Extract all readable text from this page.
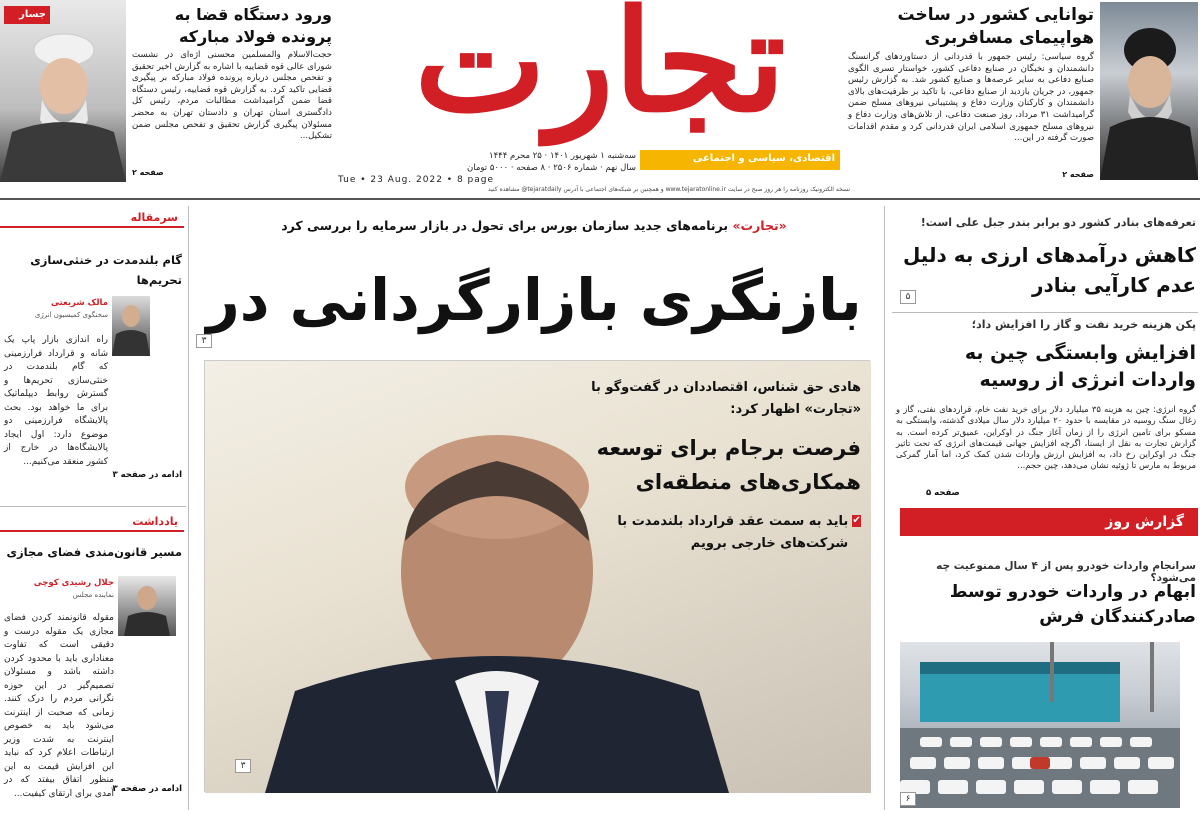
توانایی کشور در ساخت هواپیمای مسافربری
گروه سیاسی: رئیس جمهور با قدردانی از دستاوردهای گرانسنگ دانشمندان و نخبگان در صنایع دفاعی کشور، خواستار تسری الگوی صنایع دفاعی به سایر عرصه‌ها و صنایع کشور شد. به گزارش رئیس جمهور، در جریان بازدید از صنایع دفاعی، با تاکید بر ظرفیت‌های بالای دانشمندان و کارکنان وزارت دفاع و پشتیبانی نیروهای مسلح ضمن گرامیداشت ۳۱ مرداد، روز صنعت دفاعی، از تلاش‌های وزارت دفاع و نیروهای مسلح جمهوری اسلامی ایران قدردانی کرد و مقدم اقدامات صورت گرفته در این...
صفحه ۲
تجارت
اقتصادی، سیاسی و اجتماعی
سه‌شنبه ۱ شهریور ۱۴۰۱ · ۲۵ محرم ۱۴۴۴
سال نهم · شماره ۲۵۰۶ · ۸ صفحه · ۵۰۰۰ تومان
Tue • 23 Aug. 2022 • 8 page
نسخه الکترونیک روزنامه را هر روز صبح در سایت www.tejaratonline.ir و همچنین بر شبکه‌های اجتماعی با آدرس tejaratdaily@ مشاهده کنید
جسار	ورود دستگاه قضا به پرونده فولاد مبارکه
حجت‌الاسلام والمسلمین محسنی اژه‌ای در نشست شورای عالی قوه قضاییه با اشاره به گزارش اخیر تحقیق و تفحص مجلس درباره پرونده فولاد مبارکه بر پیگیری قضایی تاکید کرد. به گزارش قوه قضاییه، رئیس دستگاه قضا ضمن گرامیداشت مطالبات مردم، رئیس کل دادگستری استان تهران و دادستان تهران به محضر مسئولان پیگیری گزارش تحقیق و تفحص مجلس ضمن تشکیل...
صفحه ۲
سرمقاله
گام بلندمدت در خنثی‌سازی تحریم‌ها
مالک شریعتی
سخنگوی کمیسیون انرژی
راه اندازی بازار پاپ یک شانه و قرارداد فرارزمینی که گام بلندمدت در خنثی‌سازی تحریم‌ها و گسترش روابط دیپلماتیک برای ما خواهد بود. بحث پالایشگاه فرارزمینی دو موضوع دارد: اول ایجاد پالایشگاه‌ها در خارج از کشور منعقد می‌کنیم...
ادامه در صفحه ۳
یادداشت
مسیر قانون‌مندی فضای مجازی
جلال رشیدی کوچی
نماینده مجلس
مقوله قانونمند کردن فضای مجازی یک مقوله درست و دقیقی است که تفاوت معناداری باید با محدود کردن داشته باشد و مسئولان تصمیم‌گیر در این حوزه نگرانی مردم را درک کنند. زمانی که صحبت از اینترنت می‌شود باید به خصوص اینترنت به شدت وزیر ارتباطات اعلام کرد که نباید این افزایش قیمت به این منظور اتفاق بیفتد که در آمدی برای ارتقای کیفیت...
ادامه در صفحه ۳
«تجارت» برنامه‌های جدید سازمان بورس برای تحول در بازار سرمایه را بررسی کرد
بازنگری بازارگردانی در
۳
هادی حق شناس، اقتصاددان در گفت‌وگو با «تجارت» اظهار کرد:
فرصت برجام برای توسعه همکاری‌های منطقه‌ای
✔
باید به سمت عقد قرارداد بلندمدت با شرکت‌های خارجی برویم
۳
تعرفه‌های بنادر کشور دو برابر بندر جبل علی است!
کاهش درآمدهای ارزی به دلیل عدم کارآیی بنادر
۵
پکن هزینه خرید نفت و گاز را افزایش داد؛
افزایش وابستگی چین به واردات انرژی از روسیه
گروه انرژی: چین به هزینه ۳۵ میلیارد دلار برای خرید نفت خام، قراردهای نفتی، گاز و زغال سنگ روسیه در مقایسه با حدود ۲۰ میلیارد دلار سال میلادی گذشته، وابستگی به مسکو برای تامین انرژی را از زمان آغاز جنگ در اوکراین، عمیق‌تر کرده است. به گزارش تجارت به نقل از ایسنا، اگرچه افزایش جهانی قیمت‌های انرژی که تحت تاثیر جنگ در اوکراین رخ داد، به افزایش ارزش واردات شدن کمک کرد، اما آمار گمرکی مربوط به مارس تا ژوئیه نشان می‌دهد، چین حجم...
صفحه ۵
گزارش روز
سرانجام واردات خودرو پس از ۴ سال ممنوعیت چه می‌شود؟
ابهام در واردات خودرو توسط صادرکنندگان فرش
۶
